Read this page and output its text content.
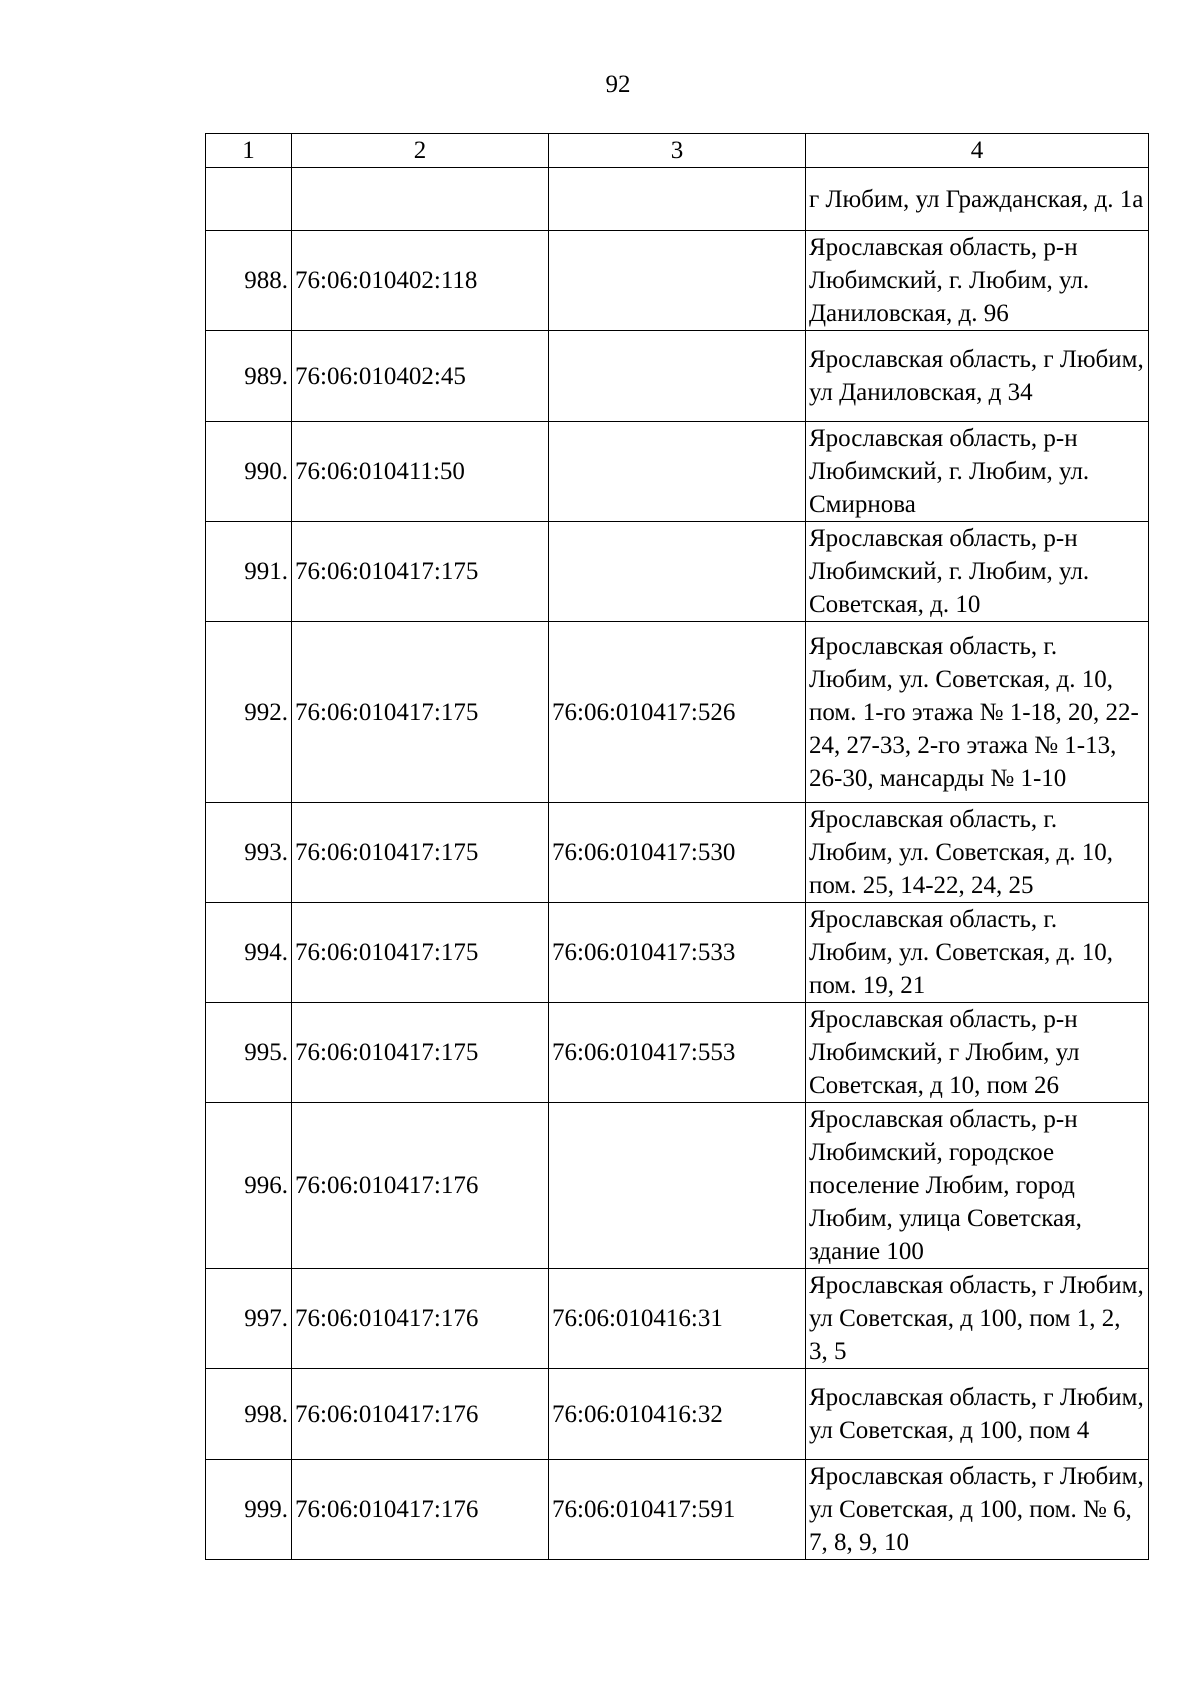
92
1	2	3	4
			г Любим, ул Гражданская, д. 1а
988.	76:06:010402:118		Ярославская область, р-н Любимский, г. Любим, ул. Даниловская, д. 96
989.	76:06:010402:45		Ярославская область, г Любим, ул Даниловская, д 34
990.	76:06:010411:50		Ярославская область, р-н Любимский, г. Любим, ул. Смирнова
991.	76:06:010417:175		Ярославская область, р-н Любимский, г. Любим, ул. Советская, д. 10
992.	76:06:010417:175	76:06:010417:526	Ярославская область, г. Любим, ул. Советская, д. 10, пом. 1-го этажа № 1-18, 20, 22-24, 27-33, 2-го этажа № 1-13, 26-30, мансарды № 1-10
993.	76:06:010417:175	76:06:010417:530	Ярославская область, г. Любим, ул. Советская, д. 10, пом. 25, 14-22, 24, 25
994.	76:06:010417:175	76:06:010417:533	Ярославская область, г. Любим, ул. Советская, д. 10, пом. 19, 21
995.	76:06:010417:175	76:06:010417:553	Ярославская область, р-н Любимский, г Любим, ул Советская, д 10, пом 26
996.	76:06:010417:176		Ярославская область, р-н Любимский, городское поселение Любим, город Любим, улица Советская, здание 100
997.	76:06:010417:176	76:06:010416:31	Ярославская область, г Любим, ул Советская, д 100, пом 1, 2, 3, 5
998.	76:06:010417:176	76:06:010416:32	Ярославская область, г Любим, ул Советская, д 100, пом 4
999.	76:06:010417:176	76:06:010417:591	Ярославская область, г Любим, ул Советская, д 100, пом. № 6, 7, 8, 9, 10
